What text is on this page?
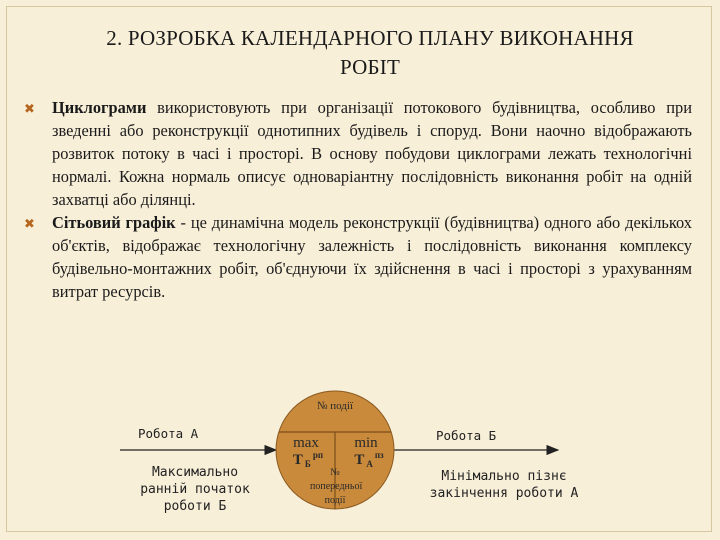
2. РОЗРОБКА КАЛЕНДАРНОГО ПЛАНУ ВИКОНАННЯ
РОБІТ
✖ Циклограми використовують при організації потокового будівництва, особливо при зведенні або реконструкції однотипних будівель і споруд. Вони наочно відображають розвиток потоку в часі і просторі. В основу побудови циклограми лежать технологічні нормалі. Кожна нормаль описує одноваріантну послідовність виконання робіт на одній захватці або ділянці.
✖ Сітьовий графік - це динамічна модель реконструкції (будівництва) одного або декількох об'єктів, відображає технологічну залежність і послідовність виконання комплексу будівельно-монтажних робіт, об'єднуючи їх здійснення в часі і просторі з урахуванням витрат ресурсів.
Робота А
Максимально ранній початок роботи Б
№ події
max
Т $_Б^{рп}$
min
Т $_А^{пз}$
№
попередньої
події
Робота Б
Мінімально пізнє закінчення роботи А
